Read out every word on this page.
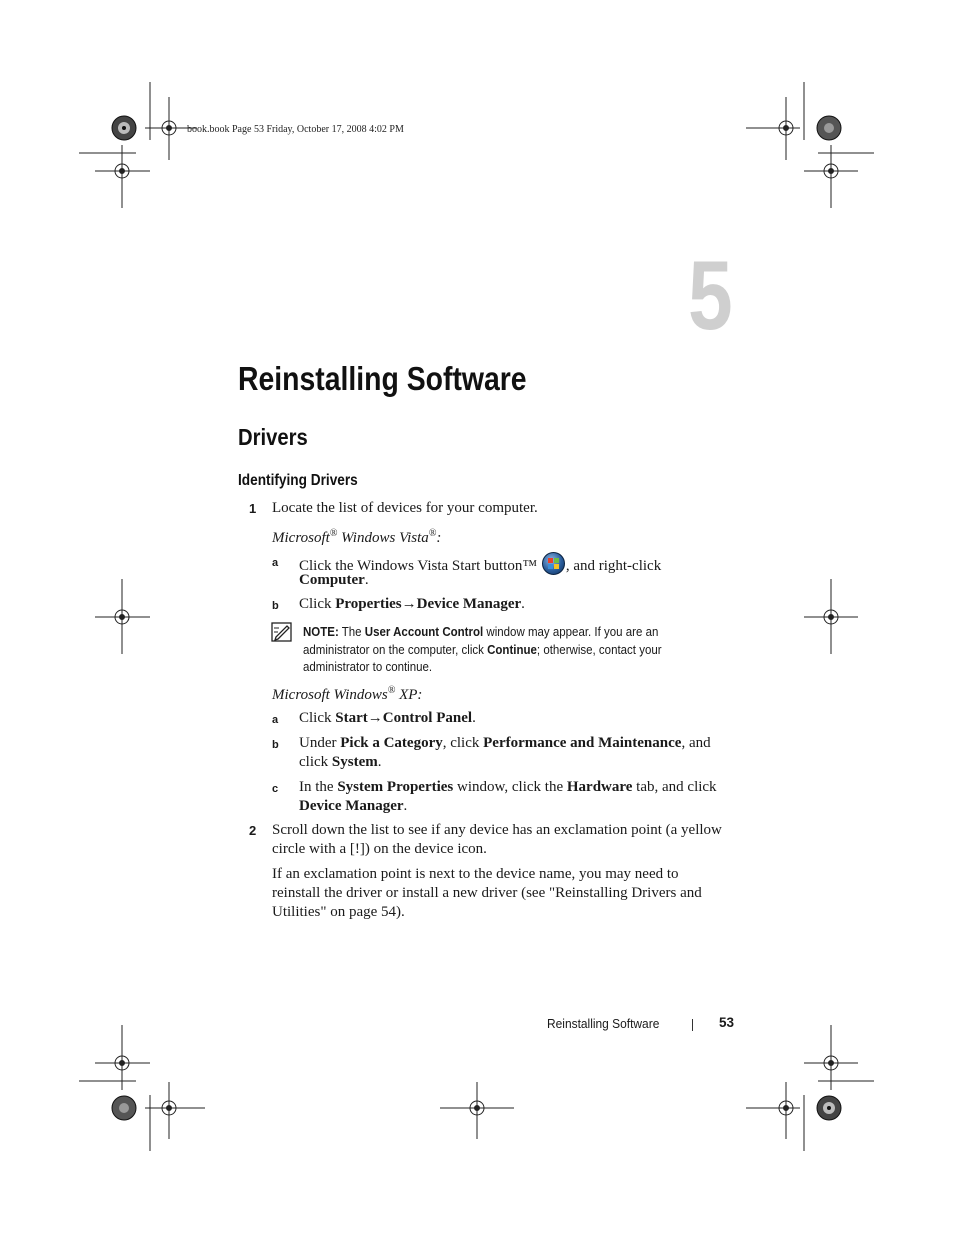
book.book Page 53 Friday, October 17, 2008 4:02 PM
5
Reinstalling Software
Drivers
Identifying Drivers
1 Locate the list of devices for your computer.
Microsoft® Windows Vista®:
a Click the Windows Vista Start button™
, and right-click
Computer.
b Click Properties→Device Manager.
NOTE: The User Account Control window may appear. If you are an
administrator on the computer, click Continue; otherwise, contact your
administrator to continue.
Microsoft Windows® XP:
a Click Start→Control Panel.
b Under Pick a Category, click Performance and Maintenance, and
click System.
c In the System Properties window, click the Hardware tab, and click
Device Manager.
2 Scroll down the list to see if any device has an exclamation point (a yellow
circle with a [!]) on the device icon.
If an exclamation point is next to the device name, you may need to
reinstall the driver or install a new driver (see "Reinstalling Drivers and
Utilities" on page 54).
Reinstalling Software	53
